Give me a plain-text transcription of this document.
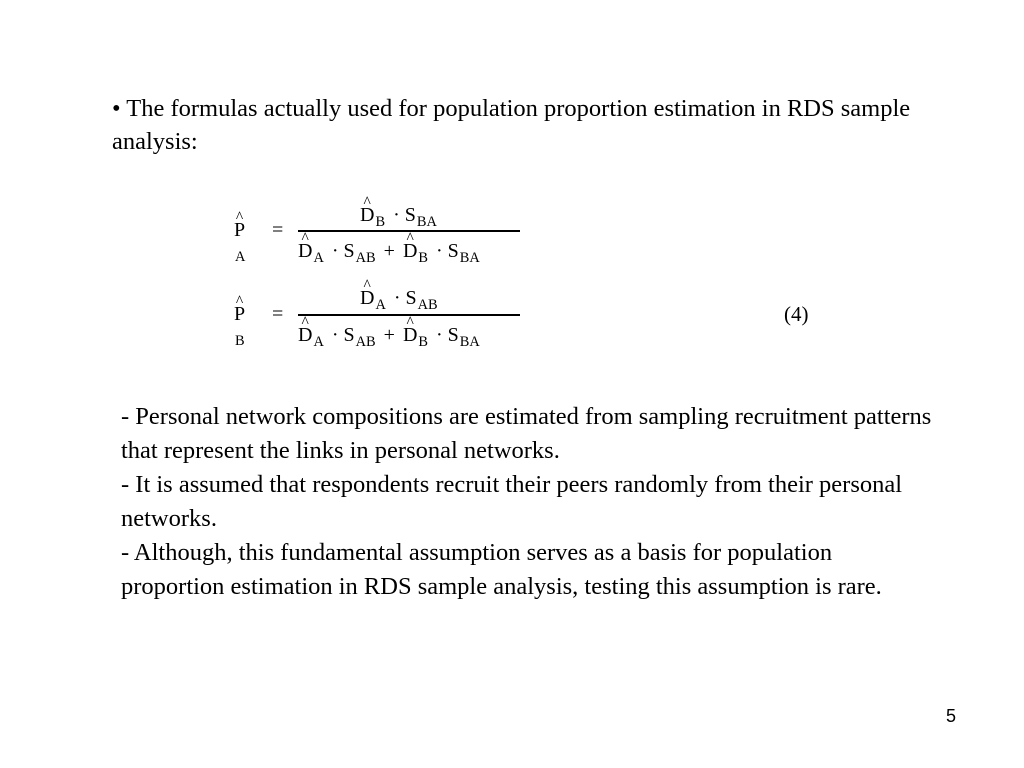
• The formulas actually used for population proportion estimation in RDS sample analysis:
^ $P_A$
=
^ $D_B \cdot S_{BA}$
^ $D_A \cdot S_{AB}$ + ^ $D_B \cdot S_{BA}$
^ $P_B$
=
^ $D_A \cdot S_{AB}$
^ $D_A \cdot S_{AB}$ + ^ $D_B \cdot S_{BA}$
(4)

- Personal network compositions are estimated from sampling recruitment patterns that represent the links in personal networks.

- It is assumed that respondents recruit their peers randomly from their personal networks.

- Although, this fundamental assumption serves as a basis for population proportion estimation in RDS sample analysis, testing this assumption is rare.

5
